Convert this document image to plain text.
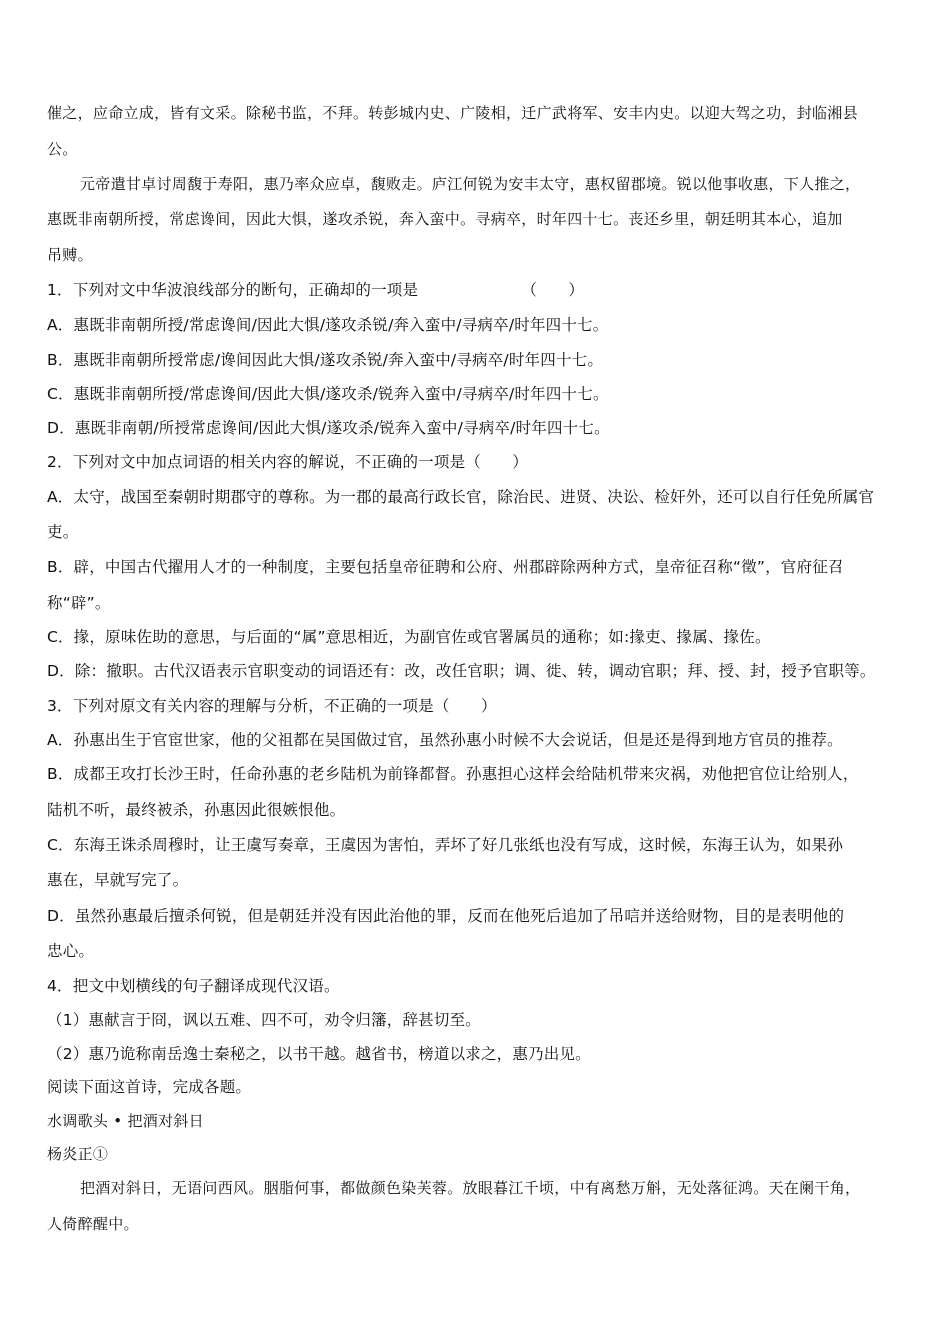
催之，应命立成，皆有文采。除秘书监，不拜。转彭城内史、广陵相，迁广武将军、安丰内史。以迎大驾之功，封临湘县
公。
元帝遣甘卓讨周馥于寿阳，惠乃率众应卓，馥败走。庐江何锐为安丰太守，惠权留郡境。锐以他事收惠，下人推之，
惠既非南朝所授，常虑谗间，因此大惧，遂攻杀锐，奔入蛮中。寻病卒，时年四十七。丧还乡里，朝廷明其本心，追加
吊赙。
1．下列对文中华波浪线部分的断句，正确却的一项是	（　　）
A．惠既非南朝所授/常虑谗间/因此大惧/遂攻杀锐/奔入蛮中/寻病卒/时年四十七。
B．惠既非南朝所授常虑/谗间因此大惧/遂攻杀锐/奔入蛮中/寻病卒/时年四十七。
C．惠既非南朝所授/常虑谗间/因此大惧/遂攻杀/锐奔入蛮中/寻病卒/时年四十七。
D．惠既非南朝/所授常虑谗间/因此大惧/遂攻杀/锐奔入蛮中/寻病卒/时年四十七。
2．下列对文中加点词语的相关内容的解说，不正确的一项是（　　）
A．太守，战国至秦朝时期郡守的尊称。为一郡的最高行政长官，除治民、进贤、决讼、检奸外，还可以自行任免所属官
吏。
B．辟，中国古代擢用人才的一种制度，主要包括皇帝征聘和公府、州郡辟除两种方式，皇帝征召称“徵”，官府征召
称“辟”。
C．掾，原味佐助的意思，与后面的“属”意思相近，为副官佐或官署属员的通称；如:掾吏、掾属、掾佐。
D．除：撤职。古代汉语表示官职变动的词语还有：改，改任官职；调、徙、转，调动官职；拜、授、封，授予官职等。
3．下列对原文有关内容的理解与分析，不正确的一项是（　　）
A．孙惠出生于官宦世家，他的父祖都在吴国做过官，虽然孙惠小时候不大会说话，但是还是得到地方官员的推荐。
B．成都王攻打长沙王时，任命孙惠的老乡陆机为前锋都督。孙惠担心这样会给陆机带来灾祸，劝他把官位让给别人，
陆机不听，最终被杀，孙惠因此很嫉恨他。
C．东海王诛杀周穆时，让王虞写奏章，王虞因为害怕，弄坏了好几张纸也没有写成，这时候，东海王认为，如果孙
惠在，早就写完了。
D．虽然孙惠最后擅杀何锐，但是朝廷并没有因此治他的罪，反而在他死后追加了吊唁并送给财物，目的是表明他的
忠心。
4．把文中划横线的句子翻译成现代汉语。
（1）惠献言于冏，讽以五难、四不可，劝令归籓，辞甚切至。
（2）惠乃诡称南岳逸士秦秘之，以书干越。越省书，榜道以求之，惠乃出见。
阅读下面这首诗，完成各题。
水调歌头 • 把酒对斜日
杨炎正①
把酒对斜日，无语问西风。胭脂何事，都做颜色染芙蓉。放眼暮江千顷，中有离愁万斛，无处落征鸿。天在阑干角，
人倚醉醒中。
